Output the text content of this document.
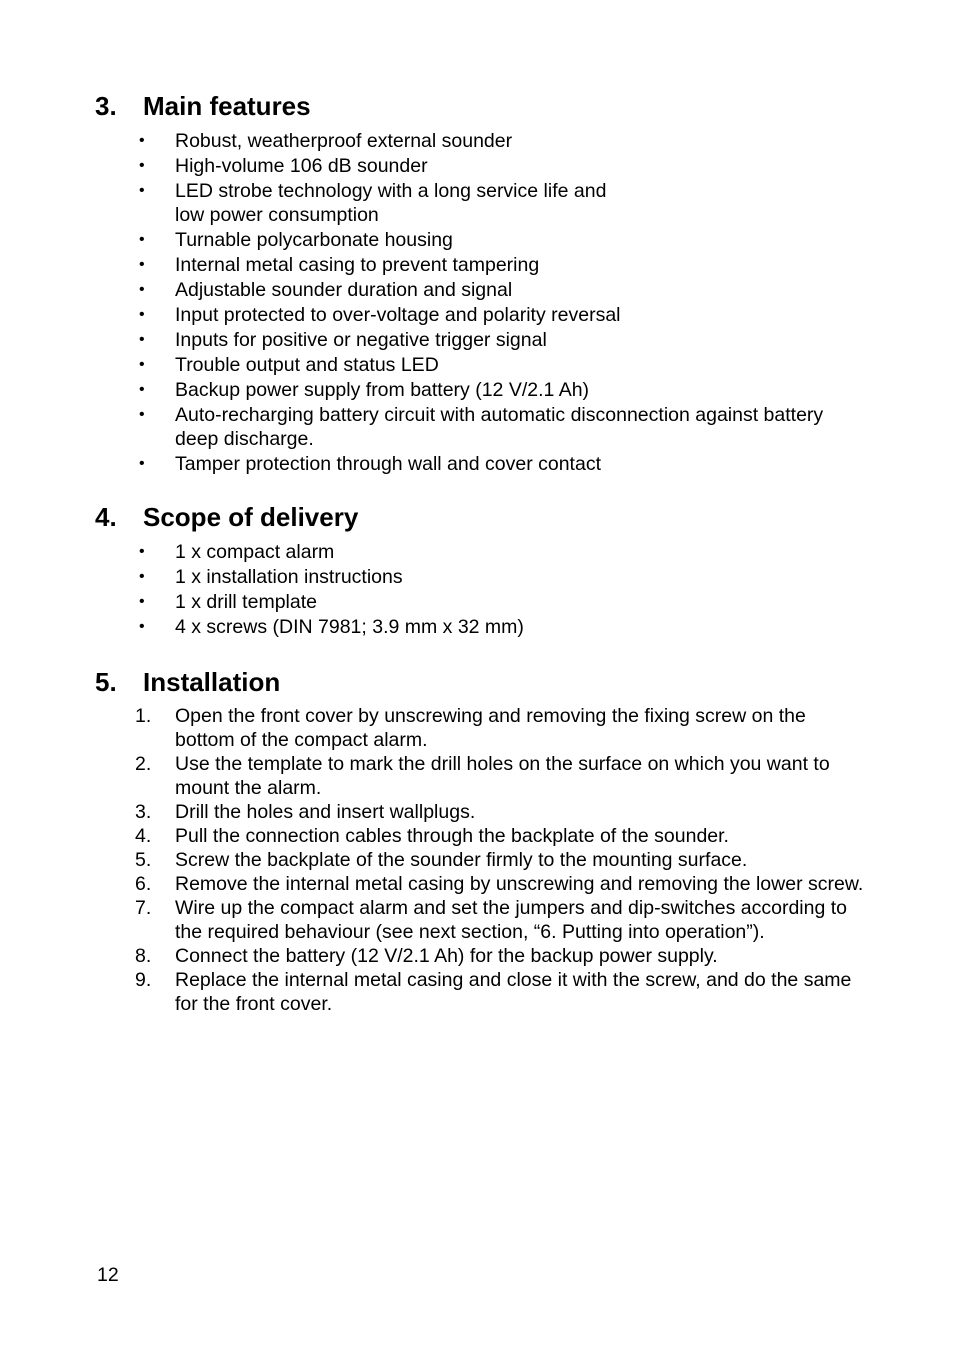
3.	Main features
•	Robust, weatherproof external sounder
•	High-volume 106 dB sounder
•	LED strobe technology with a long service life and
low power consumption
•	Turnable polycarbonate housing
•	Internal metal casing to prevent tampering
•	Adjustable sounder duration and signal
•	Input protected to over-voltage and polarity reversal
•	Inputs for positive or negative trigger signal
•	Trouble output and status LED
•	Backup power supply from battery (12 V/2.1 Ah)
•	Auto-recharging battery circuit with automatic disconnection against battery deep discharge.
•	Tamper protection through wall and cover contact
4.	Scope of delivery
•	1 x compact alarm
•	1 x installation instructions
•	1 x drill template
•	4 x screws (DIN 7981; 3.9 mm x 32 mm)
5.	Installation
1.	Open the front cover by unscrewing and removing the fixing screw on the bottom of the compact alarm.
2.	Use the template to mark the drill holes on the surface on which you want to mount the alarm.
3.	Drill the holes and insert wallplugs.
4.	Pull the connection cables through the backplate of the sounder.
5.	Screw the backplate of the sounder firmly to the mounting surface.
6.	Remove the internal metal casing by unscrewing and removing the lower screw.
7.	Wire up the compact alarm and set the jumpers and dip-switches according to the required behaviour (see next section, “6. Putting into operation”).
8.	Connect the battery (12 V/2.1 Ah) for the backup power supply.
9.	Replace the internal metal casing and close it with the screw, and do the same for the front cover.
12
